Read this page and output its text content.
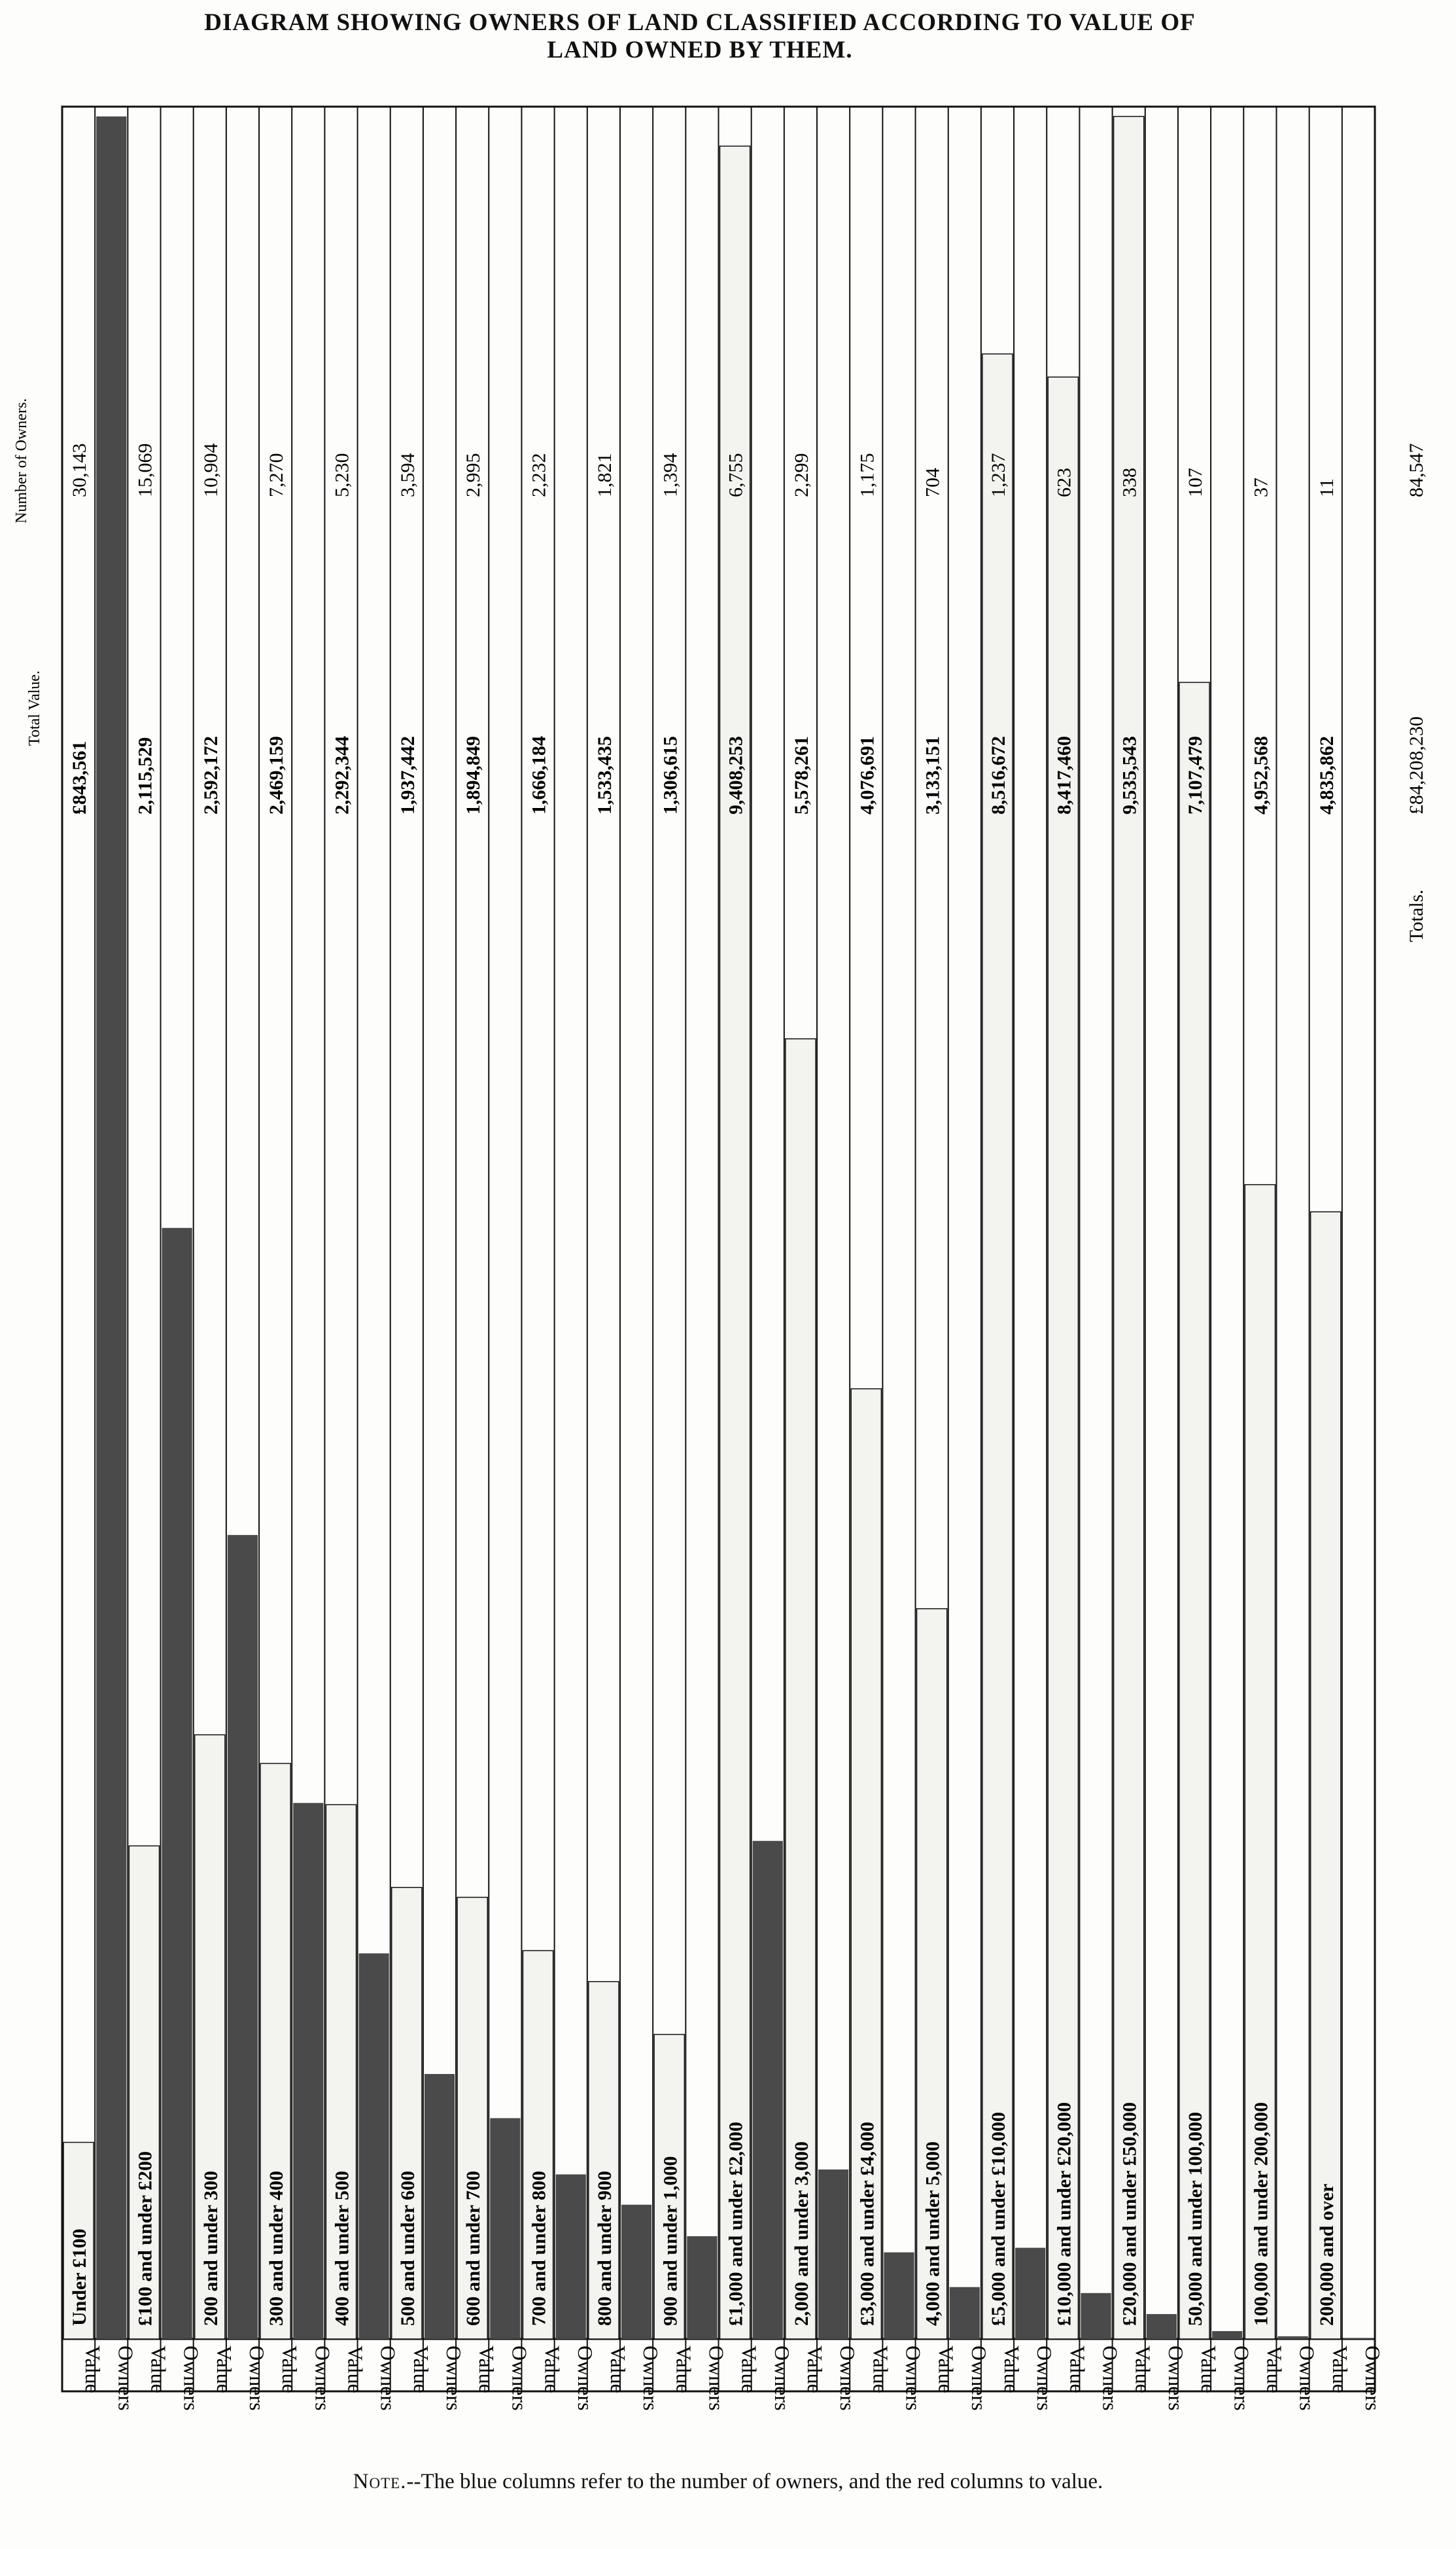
DIAGRAM SHOWING OWNERS OF LAND CLASSIFIED ACCORDING TO VALUE OF
LAND OWNED BY THEM.
Value Owners
Under £100
£843,561
30,143
Value Owners
£100 and under £200
2,115,529
15,069
Value Owners
200 and under 300
2,592,172
10,904
Value Owners
300 and under 400
2,469,159
7,270
Value Owners
400 and under 500
2,292,344
5,230
Value Owners
500 and under 600
1,937,442
3,594
Value Owners
600 and under 700
1,894,849
2,995
Value Owners
700 and under 800
1,666,184
2,232
Value Owners
800 and under 900
1,533,435
1,821
Value Owners
900 and under 1,000
1,306,615
1,394
Value Owners
£1,000 and under £2,000
9,408,253
6,755
Value Owners
2,000 and under 3,000
5,578,261
2,299
Value Owners
£3,000 and under £4,000
4,076,691
1,175
Value Owners
4,000 and under 5,000
3,133,151
704
Value Owners
£5,000 and under £10,000
8,516,672
1,237
Value Owners
£10,000 and under £20,000
8,417,460
623
Value Owners
£20,000 and under £50,000
9,535,543
338
Value Owners
50,000 and under 100,000
7,107,479
107
Value Owners
100,000 and under 200,000
4,952,568
37
Value Owners
200,000 and over
4,835,862
11
Total Value.
Number of Owners.
Totals.
£84,208,230
84,547
Note.--The blue columns refer to the number of owners, and the red columns to value.
